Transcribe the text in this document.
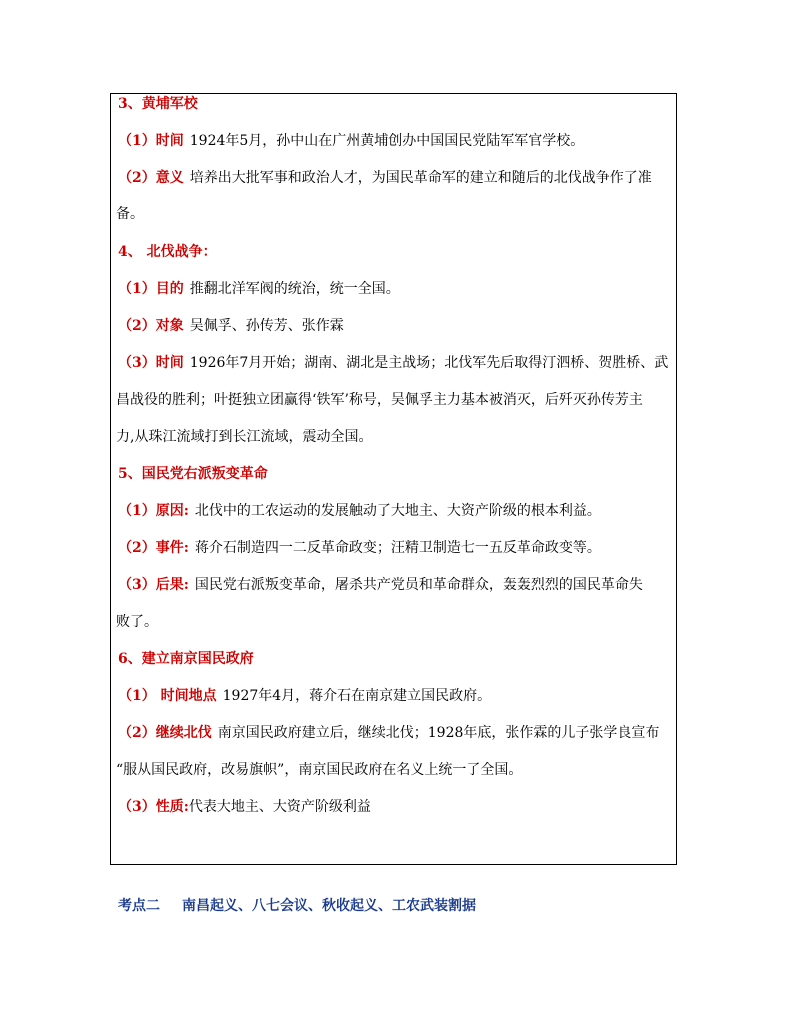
3、黄埔军校
（1）时间 1924年5月，孙中山在广州黄埔创办中国国民党陆军军官学校。
（2）意义 培养出大批军事和政治人才，为国民革命军的建立和随后的北伐战争作了准
备。
4、 北伐战争：
（1）目的 推翻北洋军阀的统治，统一全国。
（2）对象 吴佩孚、孙传芳、张作霖
（3）时间 1926年7月开始；湖南、湖北是主战场；北伐军先后取得汀泗桥、贺胜桥、武
昌战役的胜利；叶挺独立团赢得‘铁军’称号，吴佩孚主力基本被消灭，后歼灭孙传芳主
力,从珠江流域打到长江流域，震动全国。
5、国民党右派叛变革命
（1）原因: 北伐中的工农运动的发展触动了大地主、大资产阶级的根本利益。
（2）事件: 蒋介石制造四一二反革命政变；汪精卫制造七一五反革命政变等。
（3）后果: 国民党右派叛变革命，屠杀共产党员和革命群众，轰轰烈烈的国民革命失
败了。
6、建立南京国民政府
（1） 时间地点 1927年4月，蒋介石在南京建立国民政府。
（2）继续北伐 南京国民政府建立后，继续北伐；1928年底，张作霖的儿子张学良宣布
“服从国民政府，改易旗帜”，南京国民政府在名义上统一了全国。
（3）性质:代表大地主、大资产阶级利益
考点二 南昌起义、八七会议、秋收起义、工农武装割据
